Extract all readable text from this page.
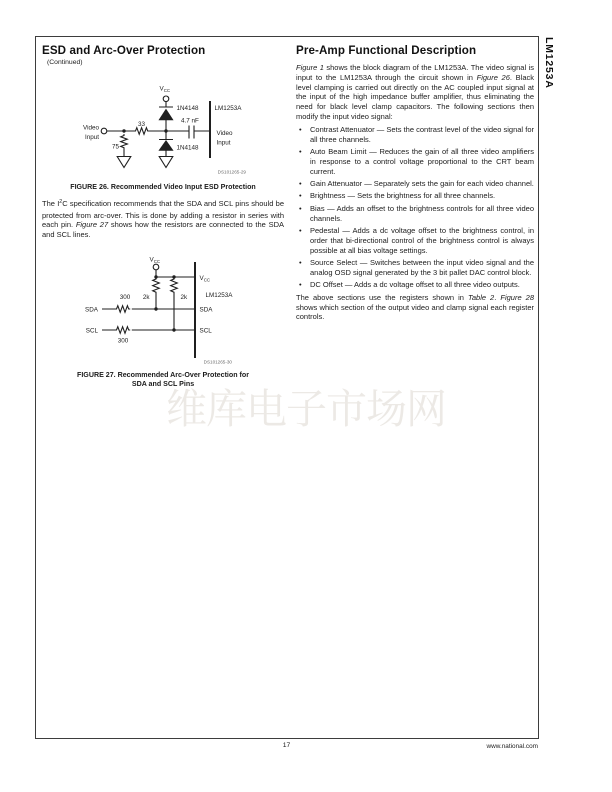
维库电子市场网
LM1253A
ESD and Arc-Over Protection
(Continued)
$V_{CC}$
1N4148	LM1253A
4.7 nF
33
Video
Input
75	1N4148
Video
Input
DS101265-29
FIGURE 26. Recommended Video Input ESD Protection

The $I^2C$ specification recommends that the SDA and SCL pins should be protected from arc-over. This is done by adding a resistor in series with each pin. Figure 27 shows how the resistors are connected to the SDA and SCL lines.

$V_{CC}$
$V_{CC}$
2k	2k
300
300
SDA
SCL
SDA
SCL
LM1253A
DS101265-30
FIGURE 27. Recommended Arc-Over Protection for
SDA and SCL Pins
Pre-Amp Functional Description

Figure 1 shows the block diagram of the LM1253A. The video signal is input to the LM1253A through the circuit shown in Figure 26. Black level clamping is carried out directly on the AC coupled input signal at the input of the high impedance buffer amplifier, thus eliminating the need for black level clamp capacitors. The following sections then modify the input video signal:

• Contrast Attenuator — Sets the contrast level of the video signal for all three channels.
• Auto Beam Limit — Reduces the gain of all three video amplifiers in response to a control voltage proportional to the CRT beam current.
• Gain Attenuator — Separately sets the gain for each video channel.
• Brightness — Sets the brightness for all three channels.
• Bias — Adds an offset to the brightness controls for all three video channels.
• Pedestal — Adds a dc voltage offset to the brightness control, in order that bi-directional control of the brightness control is always possible at all bias voltage settings.
• Source Select — Switches between the input video signal and the analog OSD signal generated by the 3 bit pallet DAC control block.
• DC Offset — Adds a dc voltage offset to all three video outputs.

The above sections use the registers shown in Table 2. Figure 28 shows which section of the output video and clamp signal each register controls.

17	www.national.com
